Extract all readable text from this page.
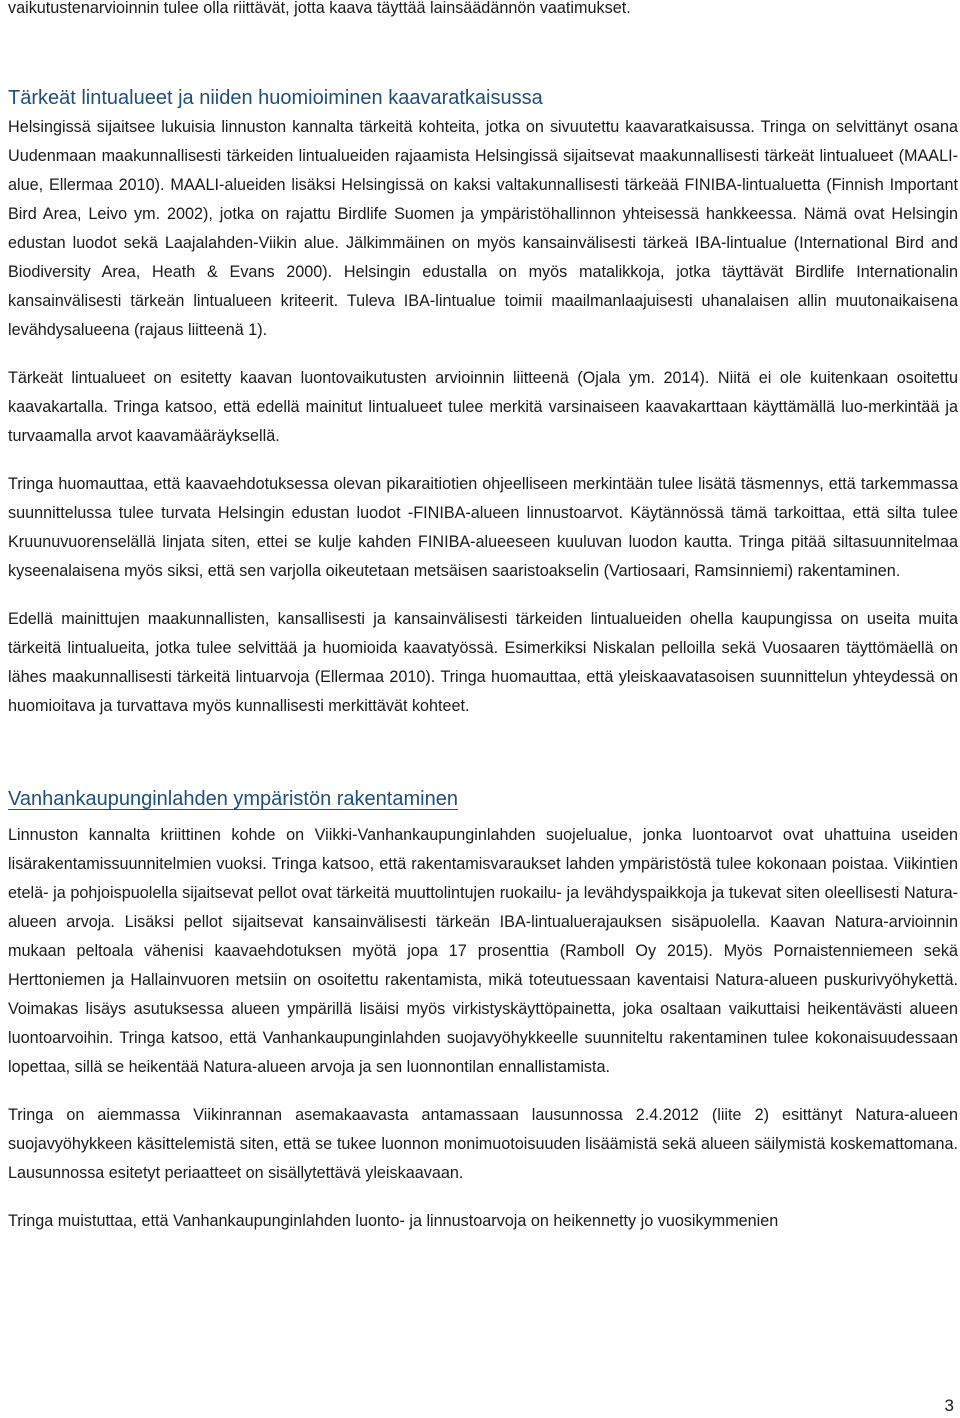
vaikutustenarvioinnin tulee olla riittävät, jotta kaava täyttää lainsäädännön vaatimukset.

Tärkeät lintualueet ja niiden huomioiminen kaavaratkaisussa

Helsingissä sijaitsee lukuisia linnuston kannalta tärkeitä kohteita, jotka on sivuutettu kaavaratkaisussa. Tringa on selvittänyt osana Uudenmaan maakunnallisesti tärkeiden lintualueiden rajaamista Helsingissä sijaitsevat maakunnallisesti tärkeät lintualueet (MAALI-alue, Ellermaa 2010). MAALI-alueiden lisäksi Helsingissä on kaksi valtakunnallisesti tärkeää FINIBA-lintualuetta (Finnish Important Bird Area, Leivo ym. 2002), jotka on rajattu Birdlife Suomen ja ympäristöhallinnon yhteisessä hankkeessa. Nämä ovat Helsingin edustan luodot sekä Laajalahden-Viikin alue. Jälkimmäinen on myös kansainvälisesti tärkeä IBA-lintualue (International Bird and Biodiversity Area, Heath & Evans 2000). Helsingin edustalla on myös matalikkoja, jotka täyttävät Birdlife Internationalin kansainvälisesti tärkeän lintualueen kriteerit. Tuleva IBA-lintualue toimii maailmanlaajuisesti uhanalaisen allin muutonaikaisena levähdysalueena (rajaus liitteenä 1).

Tärkeät lintualueet on esitetty kaavan luontovaikutusten arvioinnin liitteenä (Ojala ym. 2014). Niitä ei ole kuitenkaan osoitettu kaavakartalla. Tringa katsoo, että edellä mainitut lintualueet tulee merkitä varsinaiseen kaavakarttaan käyttämällä luo-merkintää ja turvaamalla arvot kaavamääräyksellä.

Tringa huomauttaa, että kaavaehdotuksessa olevan pikaraitiotien ohjeelliseen merkintään tulee lisätä täsmennys, että tarkemmassa suunnittelussa tulee turvata Helsingin edustan luodot -FINIBA-alueen linnustoarvot. Käytännössä tämä tarkoittaa, että silta tulee Kruunuvuorenselällä linjata siten, ettei se kulje kahden FINIBA-alueeseen kuuluvan luodon kautta. Tringa pitää siltasuunnitelmaa kyseenalaisena myös siksi, että sen varjolla oikeutetaan metsäisen saaristoakselin (Vartiosaari, Ramsinniemi) rakentaminen.

Edellä mainittujen maakunnallisten, kansallisesti ja kansainvälisesti tärkeiden lintualueiden ohella kaupungissa on useita muita tärkeitä lintualueita, jotka tulee selvittää ja huomioida kaavatyössä. Esimerkiksi Niskalan pelloilla sekä Vuosaaren täyttömäellä on lähes maakunnallisesti tärkeitä lintuarvoja (Ellermaa 2010). Tringa huomauttaa, että yleiskaavatasoisen suunnittelun yhteydessä on huomioitava ja turvattava myös kunnallisesti merkittävät kohteet.

Vanhankaupunginlahden ympäristön rakentaminen

Linnuston kannalta kriittinen kohde on Viikki-Vanhankaupunginlahden suojelualue, jonka luontoarvot ovat uhattuina useiden lisärakentamissuunnitelmien vuoksi. Tringa katsoo, että rakentamisvaraukset lahden ympäristöstä tulee kokonaan poistaa. Viikintien etelä- ja pohjoispuolella sijaitsevat pellot ovat tärkeitä muuttolintujen ruokailu- ja levähdyspaikkoja ja tukevat siten oleellisesti Natura-alueen arvoja. Lisäksi pellot sijaitsevat kansainvälisesti tärkeän IBA-lintualuerajauksen sisäpuolella. Kaavan Natura-arvioinnin mukaan peltoala vähenisi kaavaehdotuksen myötä jopa 17 prosenttia (Ramboll Oy 2015). Myös Pornaistenniemeen sekä Herttoniemen ja Hallainvuoren metsiin on osoitettu rakentamista, mikä toteutuessaan kaventaisi Natura-alueen puskurivyöhykettä. Voimakas lisäys asutuksessa alueen ympärillä lisäisi myös virkistyskäyttöpainetta, joka osaltaan vaikuttaisi heikentävästi alueen luontoarvoihin. Tringa katsoo, että Vanhankaupunginlahden suojavyöhykkeelle suunniteltu rakentaminen tulee kokonaisuudessaan lopettaa, sillä se heikentää Natura-alueen arvoja ja sen luonnontilan ennallistamista.

Tringa on aiemmassa Viikinrannan asemakaavasta antamassaan lausunnossa 2.4.2012 (liite 2) esittänyt Natura-alueen suojavyöhykkeen käsittelemistä siten, että se tukee luonnon monimuotoisuuden lisäämistä sekä alueen säilymistä koskemattomana. Lausunnossa esitetyt periaatteet on sisällytettävä yleiskaavaan.

Tringa muistuttaa, että Vanhankaupunginlahden luonto- ja linnustoarvoja on heikennetty jo vuosikymmenien

3
